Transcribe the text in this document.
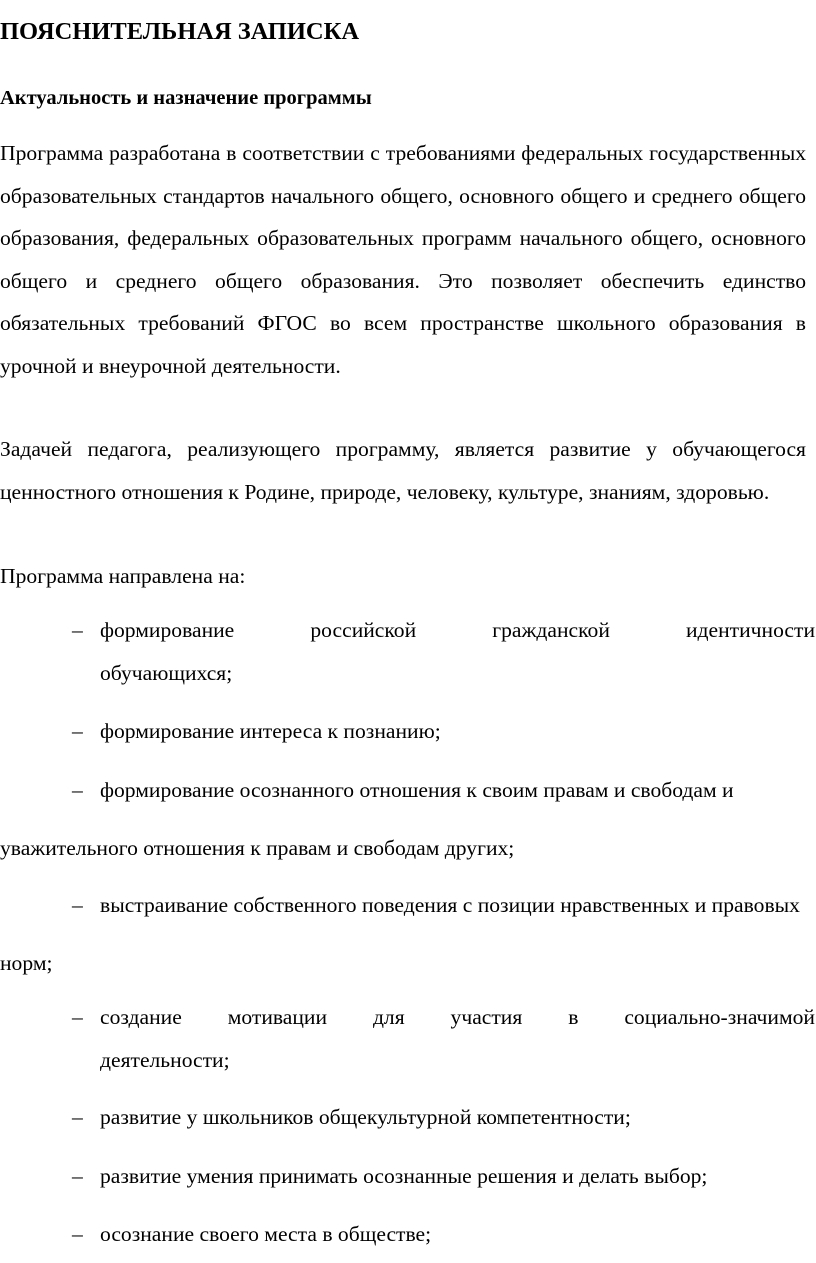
ПОЯСНИТЕЛЬНАЯ ЗАПИСКА
Актуальность и назначение программы

Программа разработана в соответствии с требованиями федеральных государственных образовательных стандартов начального общего, основного общего и среднего общего образования, федеральных образовательных программ начального общего, основного общего и среднего общего образования. Это позволяет обеспечить единство обязательных требований ФГОС во всем пространстве школьного образования в урочной и внеурочной деятельности.

Задачей педагога, реализующего программу, является развитие у обучающегося ценностного отношения к Родине, природе, человеку, культуре, знаниям, здоровью.

Программа направлена на:

– формирование российской гражданской идентичности
обучающихся;
– формирование интереса к познанию;
– формирование осознанного отношения к своим правам и свободам и уважительного отношения к правам и свободам других;
– выстраивание собственного поведения с позиции нравственных и правовых норм;
– создание мотивации для участия в социально-значимой
деятельности;
– развитие у школьников общекультурной компетентности;
– развитие умения принимать осознанные решения и делать выбор;
– осознание своего места в обществе;
